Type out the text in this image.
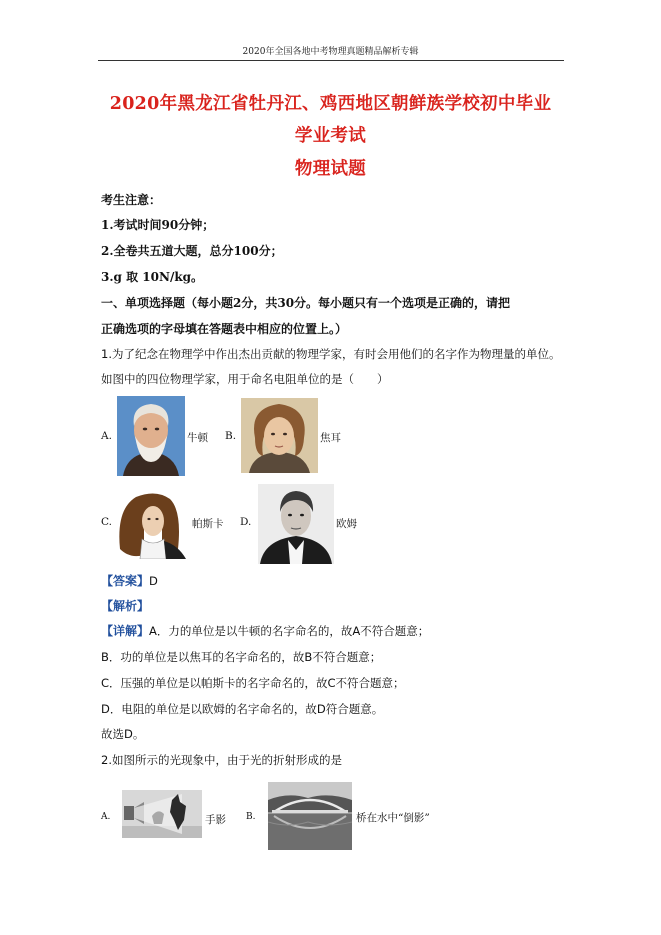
2020年全国各地中考物理真题精品解析专辑
2020年黑龙江省牡丹江、鸡西地区朝鲜族学校初中毕业
学业考试
物理试题
考生注意：
1.考试时间90分钟；
2.全卷共五道大题，总分100分；
3.g 取 10N/kg。
一、单项选择题（每小题2分，共30分。每小题只有一个选项是正确的，请把
正确选项的字母填在答题表中相应的位置上。）
1.为了纪念在物理学中作出杰出贡献的物理学家，有时会用他们的名字作为物理量的单位。
如图中的四位物理学家，用于命名电阻单位的是（　　）
A.	牛顿 B.	焦耳
C.	帕斯卡 D.	欧姆
【答案】D
【解析】
【详解】A．力的单位是以牛顿的名字命名的，故A不符合题意；
B．功的单位是以焦耳的名字命名的，故B不符合题意；
C．压强的单位是以帕斯卡的名字命名的，故C不符合题意；
D．电阻的单位是以欧姆的名字命名的，故D符合题意。
故选D。
2.如图所示的光现象中，由于光的折射形成的是
A.	手影 B.	桥在水中“倒影”
